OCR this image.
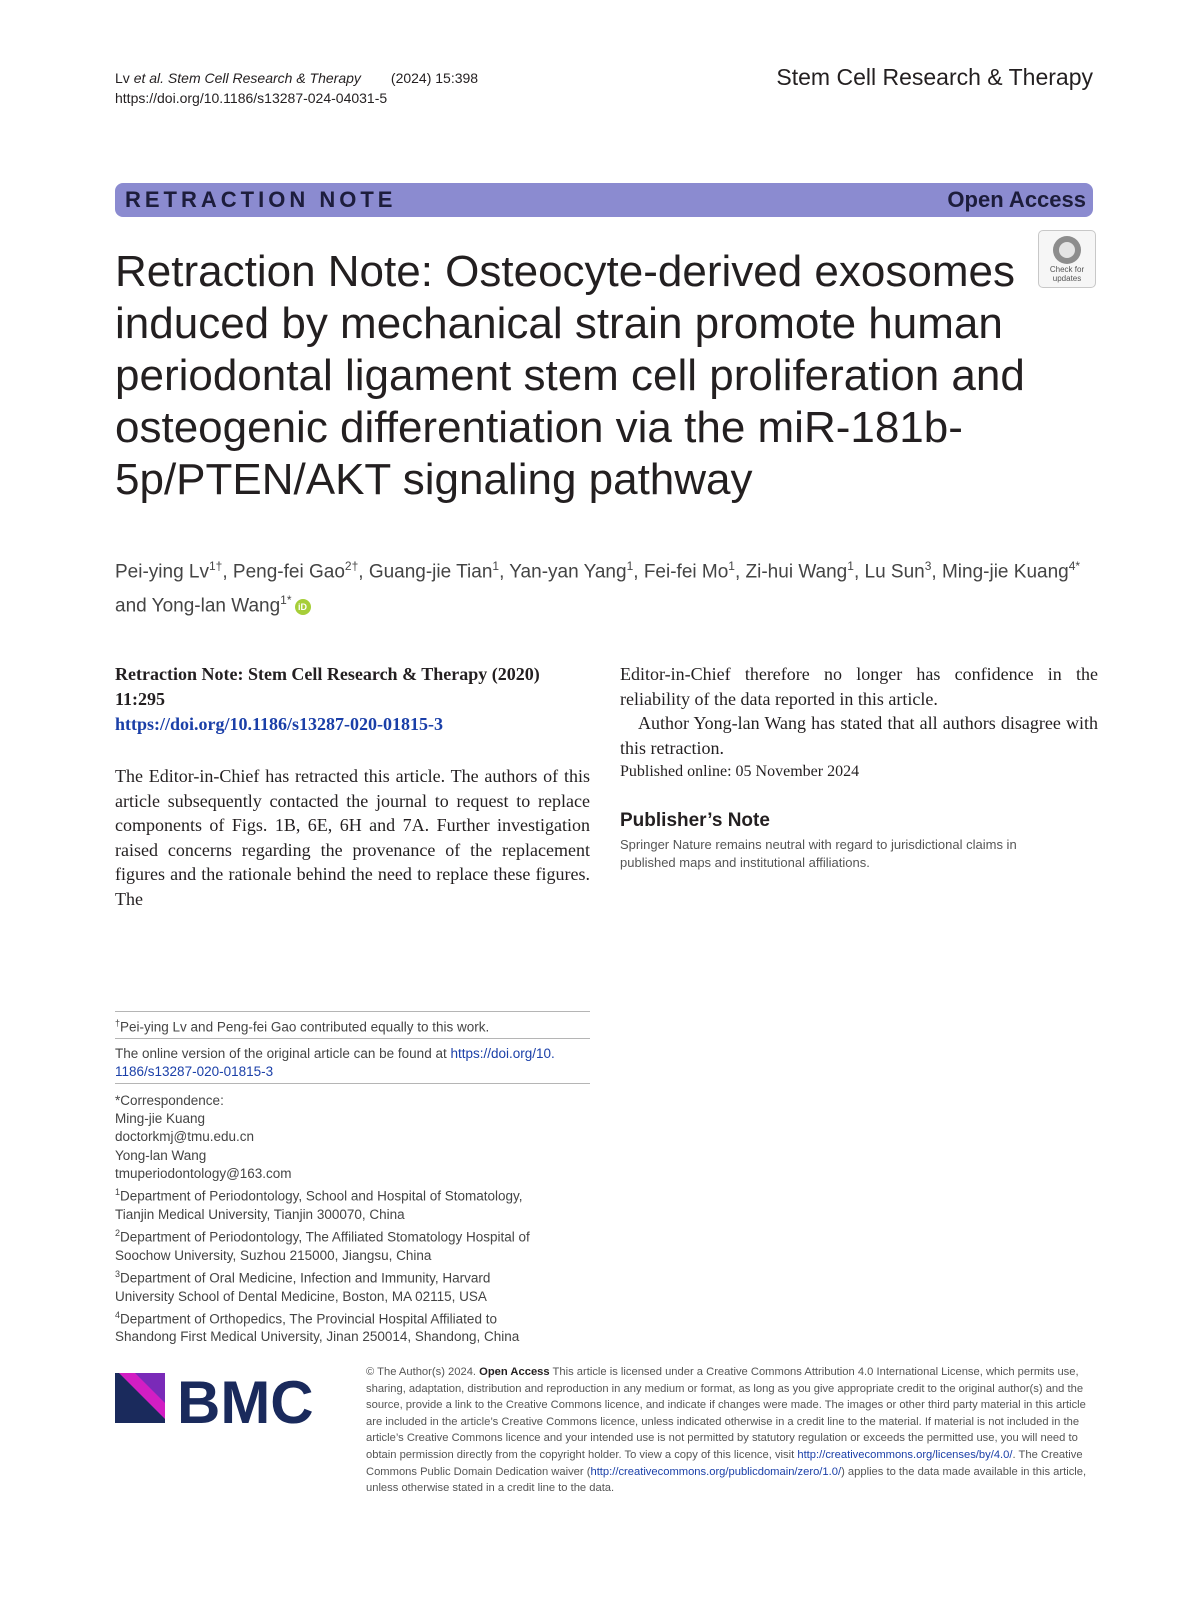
Lv et al. Stem Cell Research & Therapy (2024) 15:398
https://doi.org/10.1186/s13287-024-04031-5
Stem Cell Research & Therapy
RETRACTION NOTE	Open Access
Check for
updates
Retraction Note: Osteocyte-derived exosomes induced by mechanical strain promote human periodontal ligament stem cell proliferation and osteogenic differentiation via the miR-181b-5p/PTEN/AKT signaling pathway
Pei-ying $Lv^{1\dagger}$, Peng-fei Gao$^{2\dagger}$, Guang-jie Tian$^1$, Yan-yan Yang$^1$, Fei-fei Mo$^1$, Zi-hui Wang$^1$, Lu Sun$^3$, Ming-jie Kuang$^{4*}$ and Yong-lan Wang$^{1*}$ iD
Retraction Note: Stem Cell Research & Therapy (2020) 11:295
https://doi.org/10.1186/s13287-020-01815-3
The Editor-in-Chief has retracted this article. The authors of this article subsequently contacted the journal to request to replace components of Figs. 1B, 6E, 6H and 7A. Further investigation raised concerns regarding the provenance of the replacement figures and the rationale behind the need to replace these figures. The

Editor-in-Chief therefore no longer has confidence in the reliability of the data reported in this article.

Author Yong-lan Wang has stated that all authors disagree with this retraction.

Published online: 05 November 2024
Publisher’s Note
Springer Nature remains neutral with regard to jurisdictional claims in published maps and institutional affiliations.
†Pei-ying Lv and Peng-fei Gao contributed equally to this work.
The online version of the original article can be found at https://doi.org/10.1186/s13287-020-01815-3
*Correspondence:
Ming-jie Kuang
doctorkmj@tmu.edu.cn
Yong-lan Wang
tmuperiodontology@163.com
$^1$Department of Periodontology, School and Hospital of Stomatology,
Tianjin Medical University, Tianjin 300070, China
$^2$Department of Periodontology, The Affiliated Stomatology Hospital of
Soochow University, Suzhou 215000, Jiangsu, China
$^3$Department of Oral Medicine, Infection and Immunity, Harvard
University School of Dental Medicine, Boston, MA 02115, USA
$^4$Department of Orthopedics, The Provincial Hospital Affiliated to
Shandong First Medical University, Jinan 250014, Shandong, China
BMC	© The Author(s) 2024. Open Access This article is licensed under a Creative Commons Attribution 4.0 International License, which permits use, sharing, adaptation, distribution and reproduction in any medium or format, as long as you give appropriate credit to the original author(s) and the source, provide a link to the Creative Commons licence, and indicate if changes were made. The images or other third party material in this article are included in the article’s Creative Commons licence, unless indicated otherwise in a credit line to the material. If material is not included in the article’s Creative Commons licence and your intended use is not permitted by statutory regulation or exceeds the permitted use, you will need to obtain permission directly from the copyright holder. To view a copy of this licence, visit http://creativecommons.org/licenses/by/4.0/. The Creative Commons Public Domain Dedication waiver (http://creativecommons.org/publicdomain/zero/1.0/) applies to the data made available in this article, unless otherwise stated in a credit line to the data.
